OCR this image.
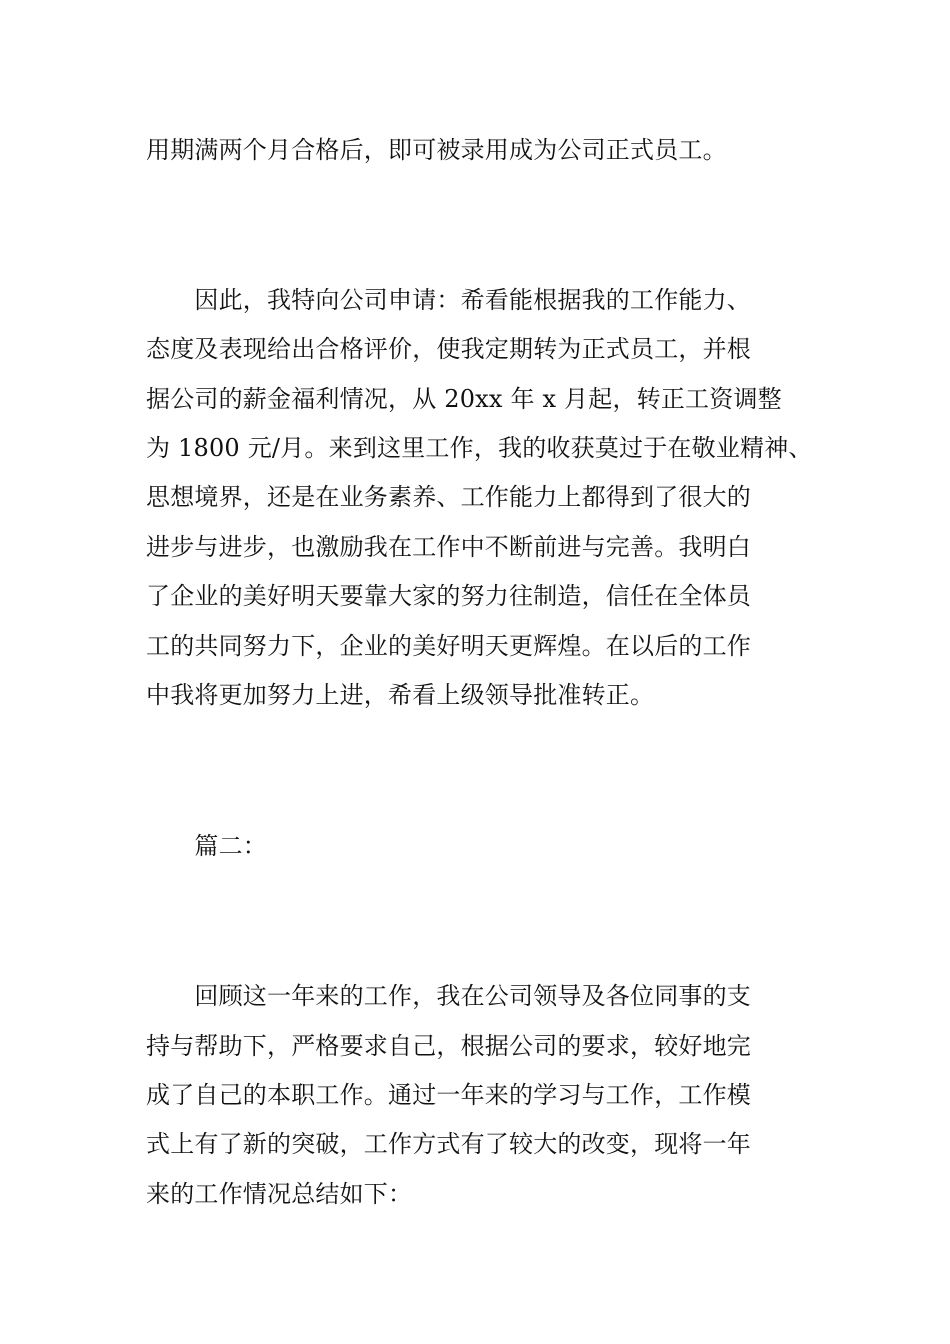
用期满两个月合格后，即可被录用成为公司正式员工。
　　因此，我特向公司申请：希看能根据我的工作能力、
态度及表现给出合格评价，使我定期转为正式员工，并根
据公司的薪金福利情况，从 20xx 年 x 月起，转正工资调整
为 1800 元/月。来到这里工作，我的收获莫过于在敬业精神、
思想境界，还是在业务素养、工作能力上都得到了很大的
进步与进步，也激励我在工作中不断前进与完善。我明白
了企业的美好明天要靠大家的努力往制造，信任在全体员
工的共同努力下，企业的美好明天更辉煌。在以后的工作
中我将更加努力上进，希看上级领导批准转正。
　　篇二：
　　回顾这一年来的工作，我在公司领导及各位同事的支
持与帮助下，严格要求自己，根据公司的要求，较好地完
成了自己的本职工作。通过一年来的学习与工作，工作模
式上有了新的突破，工作方式有了较大的改变，现将一年
来的工作情况总结如下：
